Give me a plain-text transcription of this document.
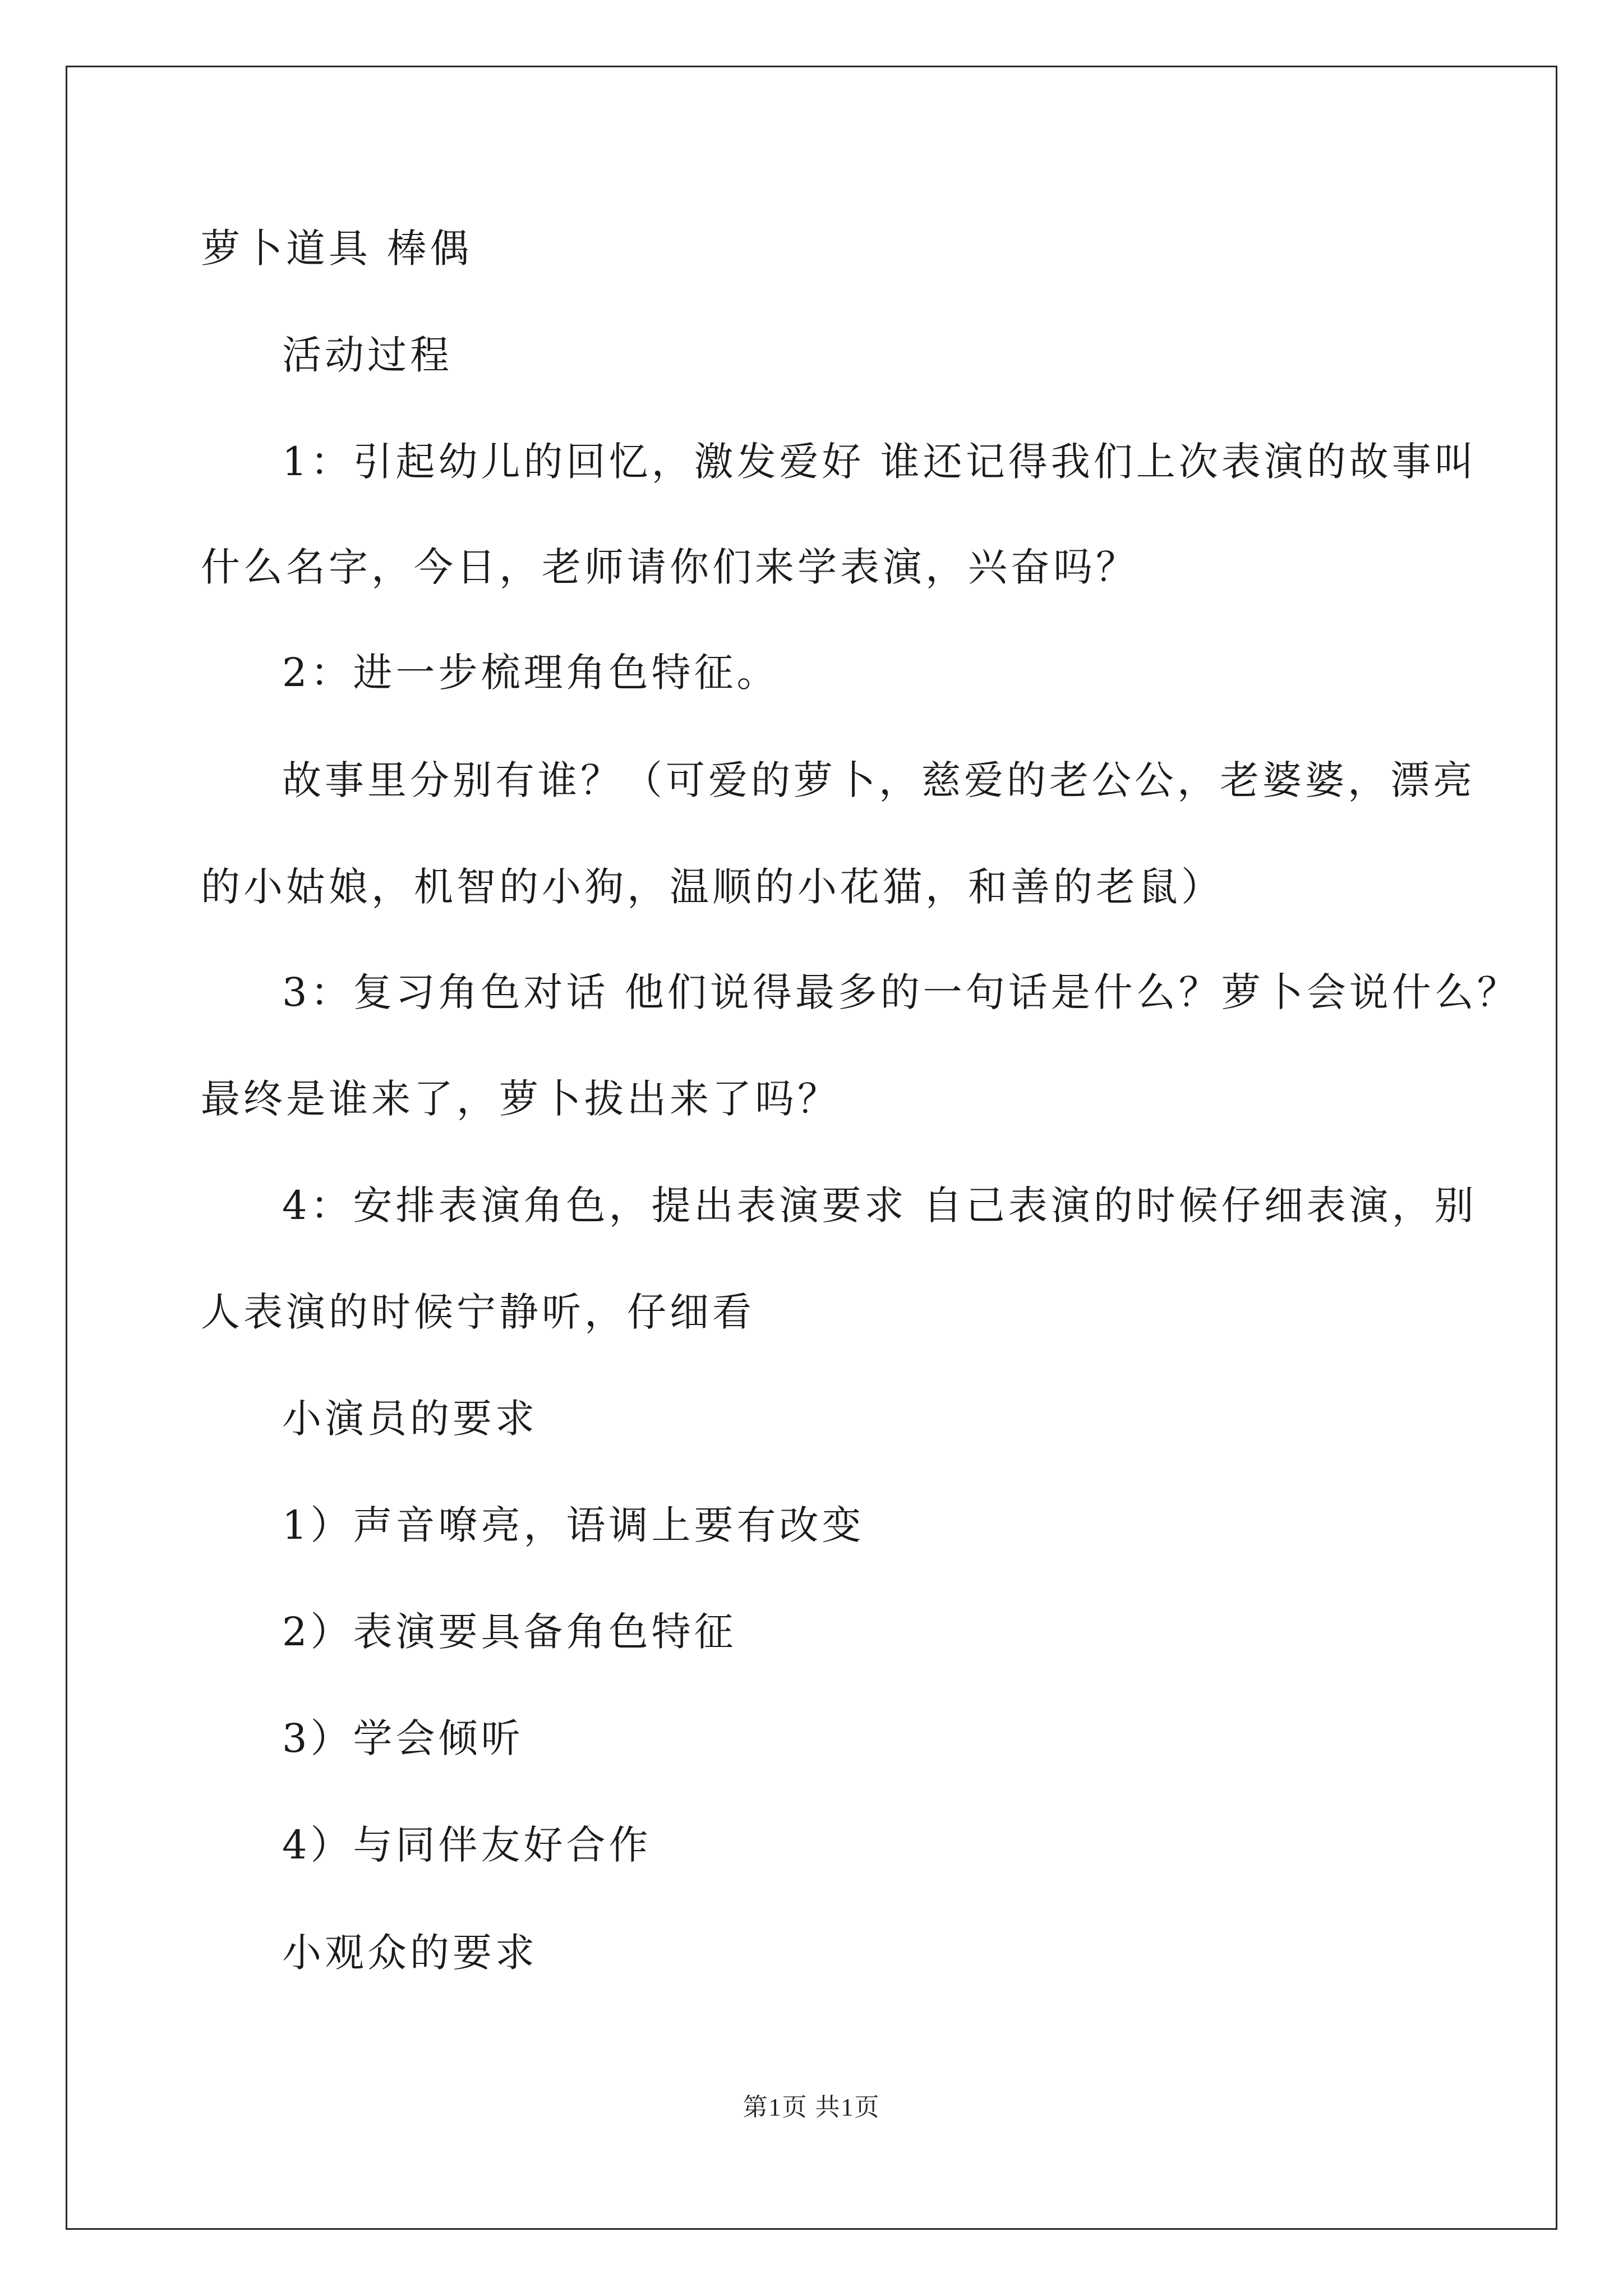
萝卜道具 棒偶
活动过程
1：引起幼儿的回忆，激发爱好 谁还记得我们上次表演的故事叫
什么名字，今日，老师请你们来学表演，兴奋吗？
2：进一步梳理角色特征。
故事里分别有谁？（可爱的萝卜，慈爱的老公公，老婆婆，漂亮
的小姑娘，机智的小狗，温顺的小花猫，和善的老鼠）
3：复习角色对话 他们说得最多的一句话是什么？萝卜会说什么？
最终是谁来了，萝卜拔出来了吗？
4：安排表演角色，提出表演要求 自己表演的时候仔细表演，别
人表演的时候宁静听，仔细看
小演员的要求
1）声音嘹亮，语调上要有改变
2）表演要具备角色特征
3）学会倾听
4）与同伴友好合作
小观众的要求
第1页 共1页
